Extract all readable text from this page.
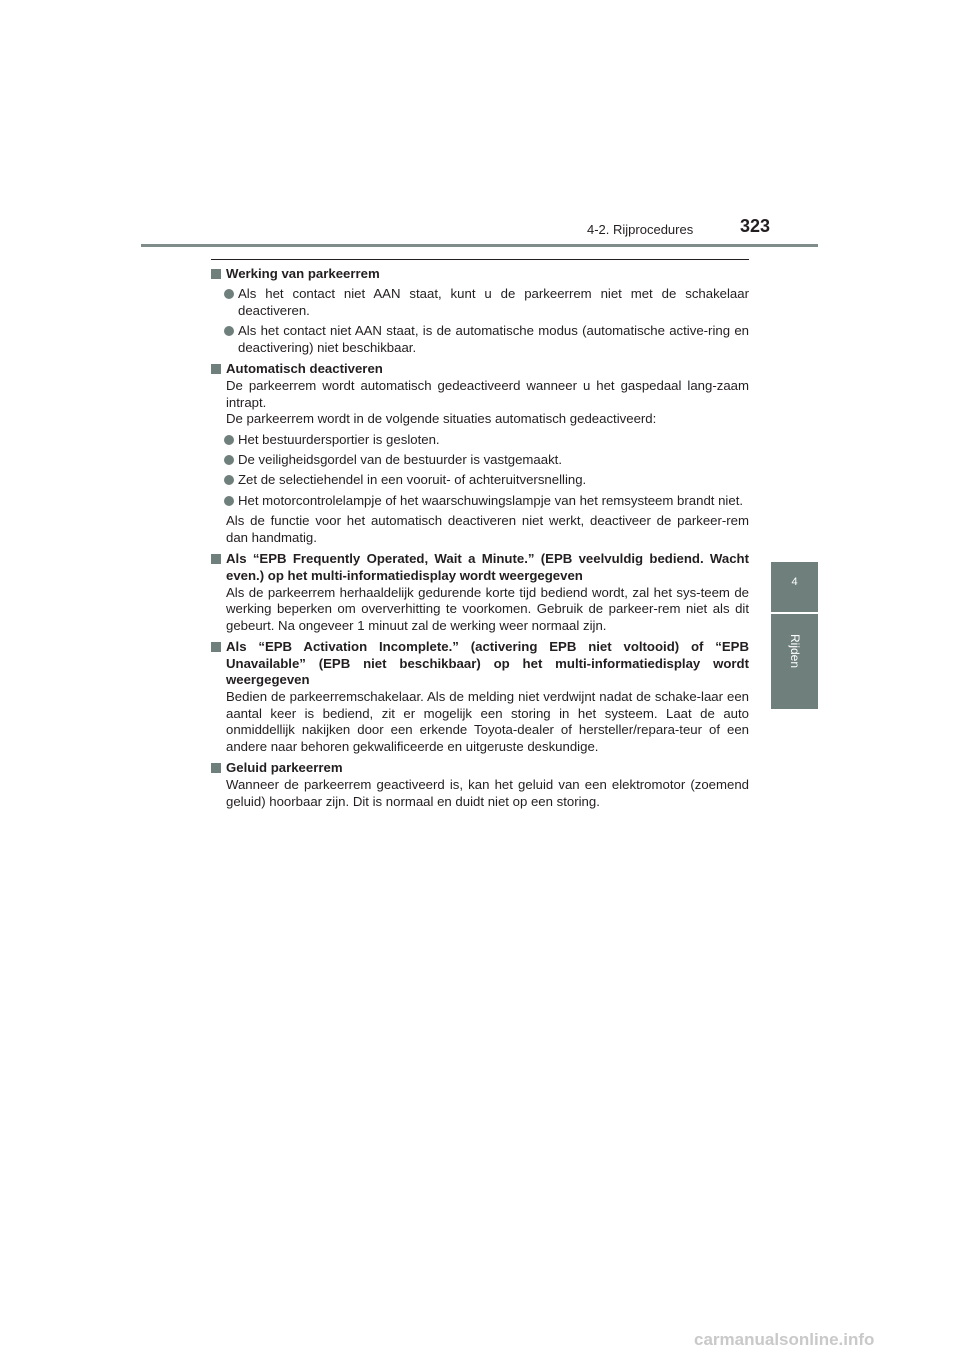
4-2. Rijprocedures	323
4
Rijden
Werking van parkeerrem
Als het contact niet AAN staat, kunt u de parkeerrem niet met de schakelaar deactiveren.
Als het contact niet AAN staat, is de automatische modus (automatische active-ring en deactivering) niet beschikbaar.
Automatisch deactiveren
De parkeerrem wordt automatisch gedeactiveerd wanneer u het gaspedaal lang-zaam intrapt.
De parkeerrem wordt in de volgende situaties automatisch gedeactiveerd:
Het bestuurdersportier is gesloten.
De veiligheidsgordel van de bestuurder is vastgemaakt.
Zet de selectiehendel in een vooruit- of achteruitversnelling.
Het motorcontrolelampje of het waarschuwingslampje van het remsysteem brandt niet.
Als de functie voor het automatisch deactiveren niet werkt, deactiveer de parkeer-rem dan handmatig.
Als “EPB Frequently Operated, Wait a Minute.” (EPB veelvuldig bediend. Wacht even.) op het multi-informatiedisplay wordt weergegeven
Als de parkeerrem herhaaldelijk gedurende korte tijd bediend wordt, zal het sys-teem de werking beperken om oververhitting te voorkomen. Gebruik de parkeer-rem niet als dit gebeurt. Na ongeveer 1 minuut zal de werking weer normaal zijn.
Als “EPB Activation Incomplete.” (activering EPB niet voltooid) of “EPB Unavailable” (EPB niet beschikbaar) op het multi-informatiedisplay wordt weergegeven
Bedien de parkeerremschakelaar. Als de melding niet verdwijnt nadat de schake-laar een aantal keer is bediend, zit er mogelijk een storing in het systeem. Laat de auto onmiddellijk nakijken door een erkende Toyota-dealer of hersteller/repara-teur of een andere naar behoren gekwalificeerde en uitgeruste deskundige.
Geluid parkeerrem
Wanneer de parkeerrem geactiveerd is, kan het geluid van een elektromotor (zoemend geluid) hoorbaar zijn. Dit is normaal en duidt niet op een storing.
carmanualsonline.info
